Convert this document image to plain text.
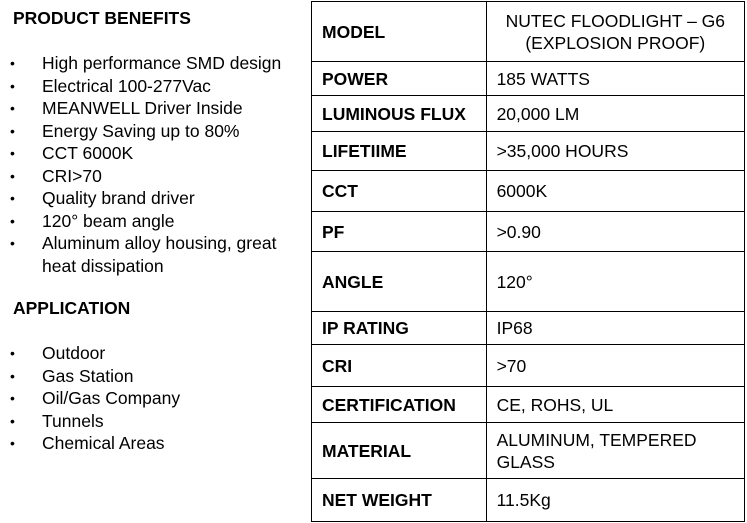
PRODUCT BENEFITS
• High performance SMD design
• Electrical 100-277Vac
• MEANWELL Driver Inside
• Energy Saving up to 80%
• CCT 6000K
• CRI>70
• Quality brand driver
• 120° beam angle
• Aluminum alloy housing, great heat dissipation
APPLICATION
• Outdoor
• Gas Station
• Oil/Gas Company
• Tunnels
• Chemical Areas
MODEL	NUTEC FLOODLIGHT – G6 (EXPLOSION PROOF)
POWER	185 WATTS
LUMINOUS FLUX	20,000 LM
LIFETIIME	>35,000 HOURS
CCT	6000K
PF	>0.90
ANGLE	120°
IP RATING	IP68
CRI	>70
CERTIFICATION	CE, ROHS, UL
MATERIAL	ALUMINUM, TEMPERED GLASS
NET WEIGHT	11.5Kg
